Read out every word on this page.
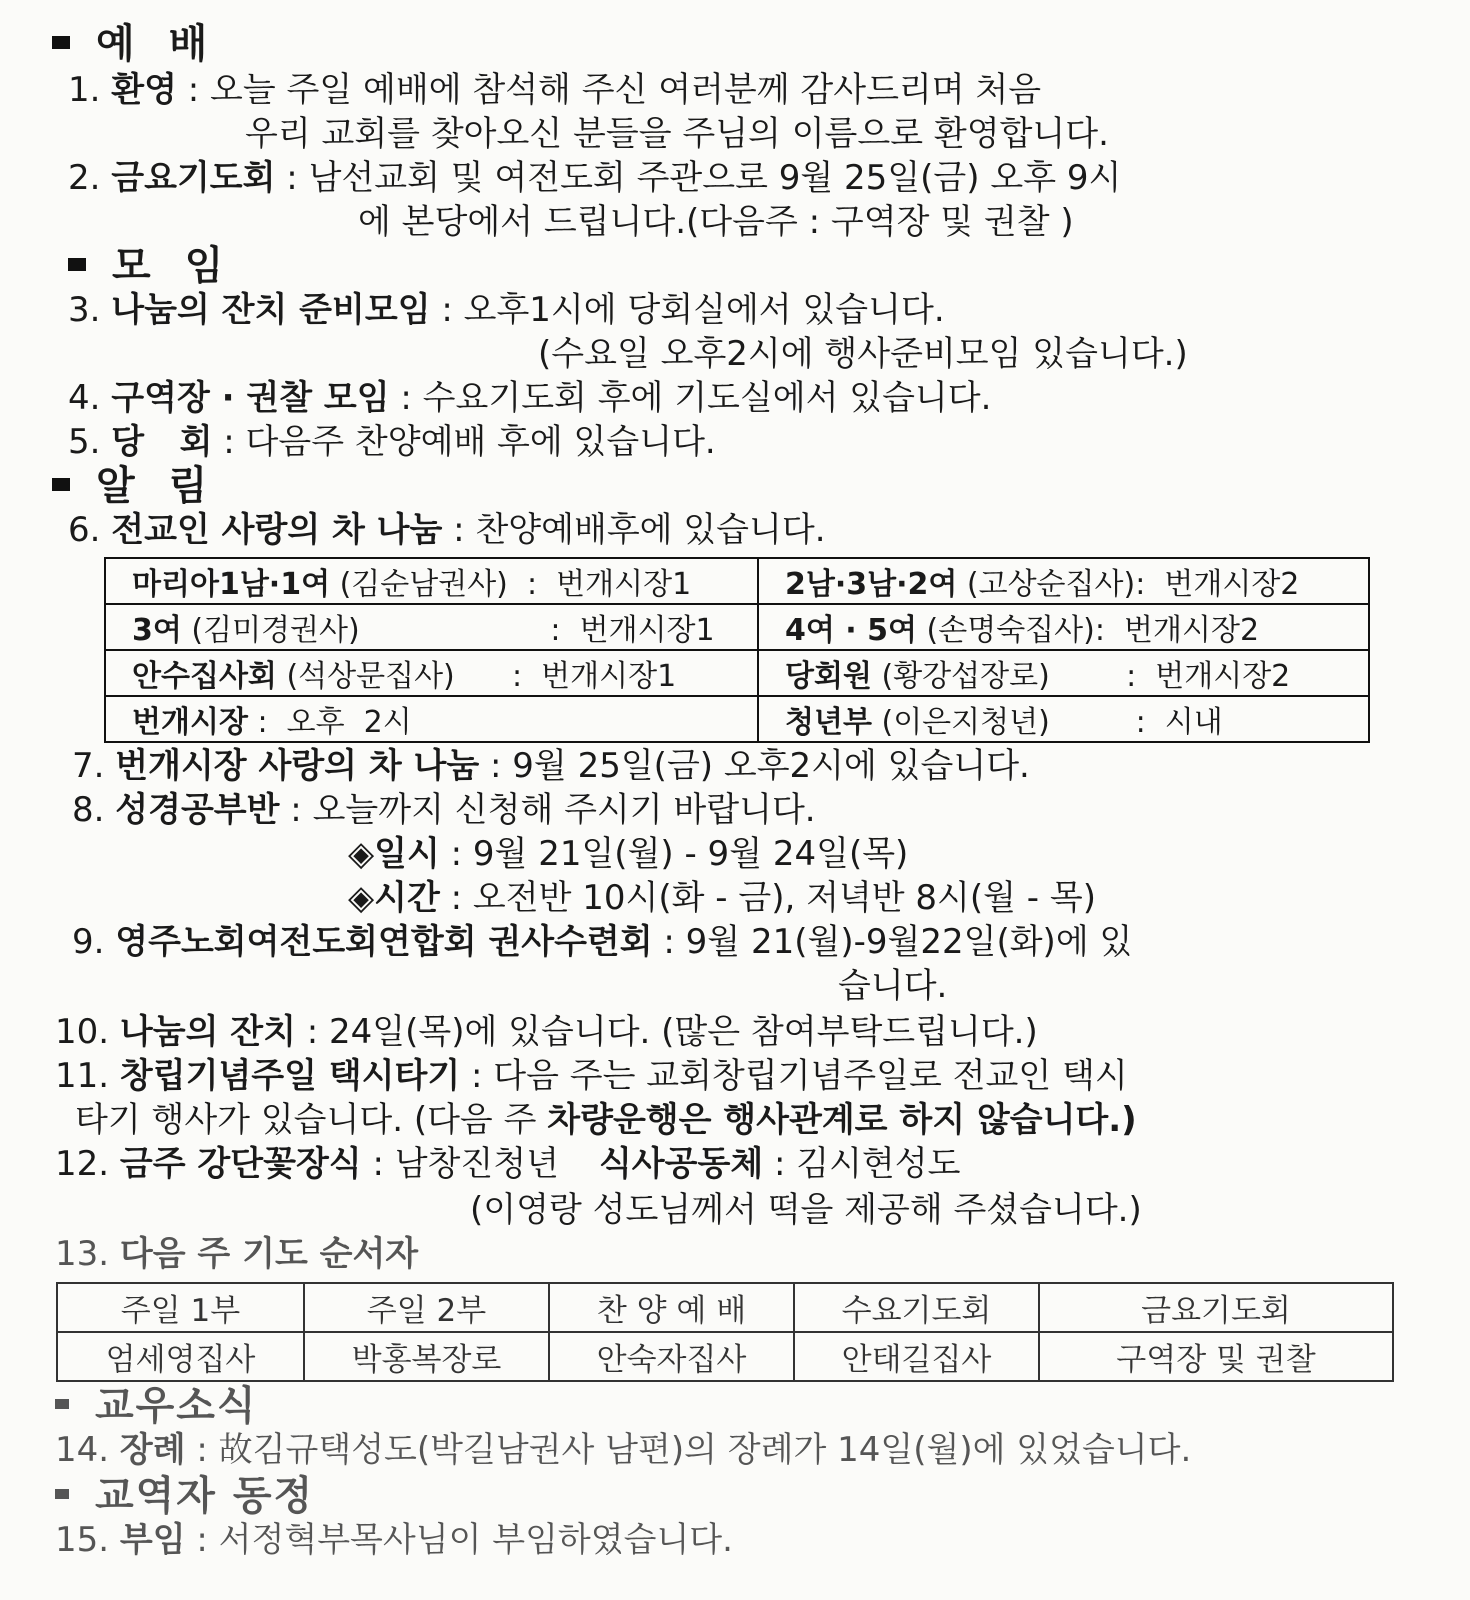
예 배
1. 환영 : 오늘 주일 예배에 참석해 주신 여러분께 감사드리며 처음
우리 교회를 찾아오신 분들을 주님의 이름으로 환영합니다.
2. 금요기도회 : 남선교회 및 여전도회 주관으로 9월 25일(금) 오후 9시
에 본당에서 드립니다.(다음주 : 구역장 및 권찰 )
모 임
3. 나눔의 잔치 준비모임 : 오후1시에 당회실에서 있습니다.
(수요일 오후2시에 행사준비모임 있습니다.)
4. 구역장 · 권찰 모임 : 수요기도회 후에 기도실에서 있습니다.
5. 당   회 : 다음주 찬양예배 후에 있습니다.
알 림
6. 전교인 사랑의 차 나눔 : 찬양예배후에 있습니다.
마리아1남·1여 (김순남권사)  :  번개시장1	2남·3남·2여 (고상순집사):  번개시장2
3여 (김미경권사)                    :  번개시장1	4여 · 5여 (손명숙집사):  번개시장2
안수집사회 (석상문집사)      :  번개시장1	당회원 (황강섭장로)        :  번개시장2
번개시장 :  오후  2시	청년부 (이은지청년)         :  시내
7. 번개시장 사랑의 차 나눔 : 9월 25일(금) 오후2시에 있습니다.
8. 성경공부반 : 오늘까지 신청해 주시기 바랍니다.
◈일시 : 9월 21일(월) - 9월 24일(목)
◈시간 : 오전반 10시(화 - 금), 저녁반 8시(월 - 목)
9. 영주노회여전도회연합회 권사수련회 : 9월 21(월)-9월22일(화)에 있
습니다.
10. 나눔의 잔치 : 24일(목)에 있습니다. (많은 참여부탁드립니다.)
11. 창립기념주일 택시타기 : 다음 주는 교회창립기념주일로 전교인 택시
타기 행사가 있습니다. (다음 주 차량운행은 행사관계로 하지 않습니다.)
12. 금주 강단꽃장식 : 남창진청년 식사공동체 : 김시현성도
(이영랑 성도님께서 떡을 제공해 주셨습니다.)
13. 다음 주 기도 순서자
주일 1부	주일 2부	찬 양 예 배	수요기도회	금요기도회
엄세영집사	박홍복장로	안숙자집사	안태길집사	구역장 및 권찰
교우소식
14. 장례 : 故김규택성도(박길남권사 남편)의 장례가 14일(월)에 있었습니다.
교역자 동정
15. 부임 : 서정혁부목사님이 부임하였습니다.
